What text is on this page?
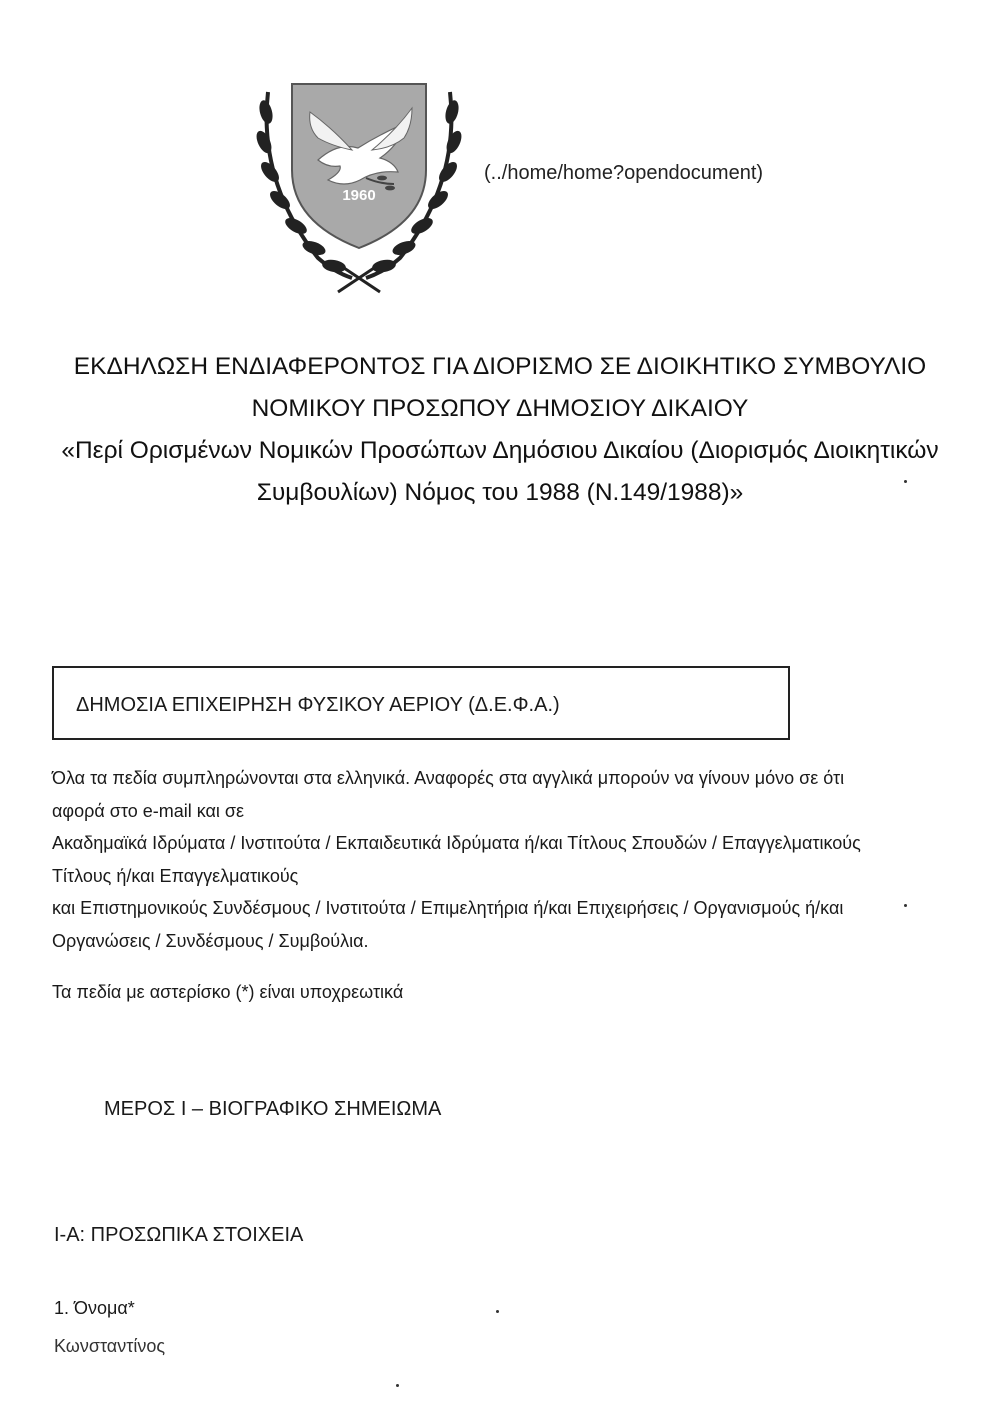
1960
(../home/home?opendocument)
ΕΚΔΗΛΩΣΗ ΕΝΔΙΑΦΕΡΟΝΤΟΣ ΓΙΑ ΔΙΟΡΙΣΜΟ ΣΕ ΔΙΟΙΚΗΤΙΚΟ ΣΥΜΒΟΥΛΙΟ
ΝΟΜΙΚΟΥ ΠΡΟΣΩΠΟΥ ΔΗΜΟΣΙΟΥ ΔΙΚΑΙΟΥ
«Περί Ορισμένων Νομικών Προσώπων Δημόσιου Δικαίου (Διορισμός Διοικητικών
Συμβουλίων) Νόμος του 1988 (Ν.149/1988)»
ΔΗΜΟΣΙΑ ΕΠΙΧΕΙΡΗΣΗ ΦΥΣΙΚΟΥ ΑΕΡΙΟΥ (Δ.Ε.Φ.Α.)
Όλα τα πεδία συμπληρώνονται στα ελληνικά. Αναφορές στα αγγλικά μπορούν να γίνουν μόνο σε ότι
αφορά στο e-mail και σε
Ακαδημαϊκά Ιδρύματα / Ινστιτούτα / Εκπαιδευτικά Ιδρύματα ή/και Τίτλους Σπουδών / Επαγγελματικούς
Τίτλους ή/και Επαγγελματικούς
και Επιστημονικούς Συνδέσμους / Ινστιτούτα / Επιμελητήρια ή/και Επιχειρήσεις / Οργανισμούς ή/και
Οργανώσεις / Συνδέσμους / Συμβούλια.
Τα πεδία με αστερίσκο (*) είναι υποχρεωτικά
ΜΕΡΟΣ Ι – ΒΙΟΓΡΑΦΙΚΟ ΣΗΜΕΙΩΜΑ
Ι-Α: ΠΡΟΣΩΠΙΚΑ ΣΤΟΙΧΕΙΑ
1. Όνομα*
Κωνσταντίνος
